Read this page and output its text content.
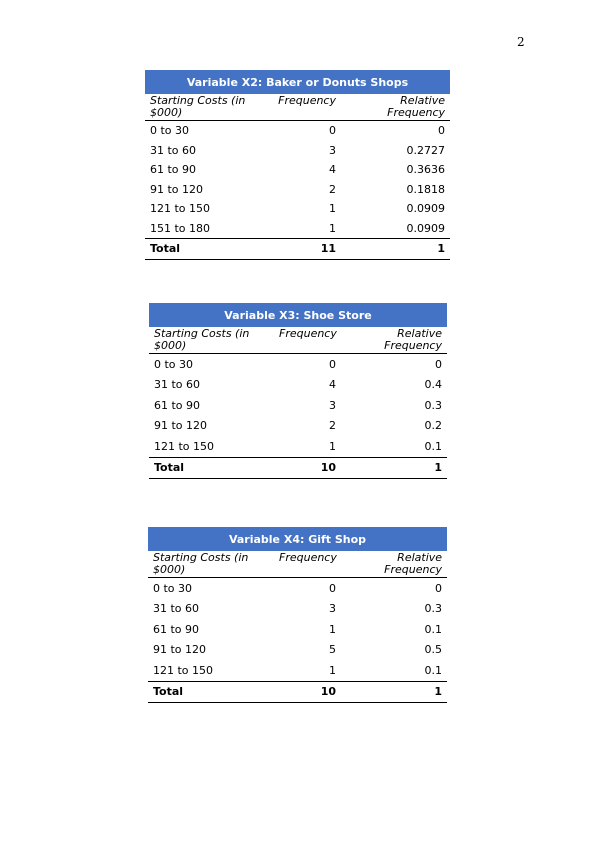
2
Variable X2: Baker or Donuts Shops		
Starting Costs (in $000)	Frequency	Relative Frequency
0 to 30	0	0
31 to 60	3	0.2727
61 to 90	4	0.3636
91 to 120	2	0.1818
121 to 150	1	0.0909
151 to 180	1	0.0909
Total	11	1
Variable X3: Shoe Store		
Starting Costs (in $000)	Frequency	Relative Frequency
0 to 30	0	0
31 to 60	4	0.4
61 to 90	3	0.3
91 to 120	2	0.2
121 to 150	1	0.1
Total	10	1
Variable X4: Gift Shop		
Starting Costs (in $000)	Frequency	Relative Frequency
0 to 30	0	0
31 to 60	3	0.3
61 to 90	1	0.1
91 to 120	5	0.5
121 to 150	1	0.1
Total	10	1
